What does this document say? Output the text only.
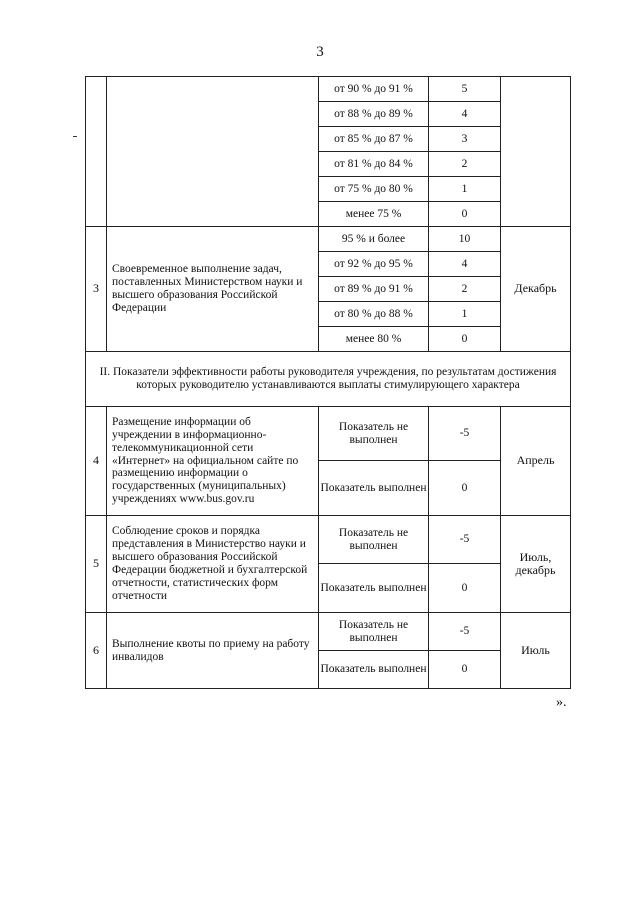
3
		от 90 % до 91 %	5	
		от 88 % до 89 %	4	
		от 85 % до 87 %	3	
		от 81 % до 84 %	2	
		от 75 % до 80 %	1	
		менее 75 %	0	
3	Своевременное выполнение задач, поставленных Министерством науки и высшего образования Российской Федерации	95 % и более	10	Декабрь
		от 92 % до 95 %	4	
		от 89 % до 91 %	2	
		от 80 % до 88 %	1	
		менее 80 %	0	
II. Показатели эффективности работы руководителя учреждения, по результатам достижения которых руководителю устанавливаются выплаты стимулирующего характера				
4	Размещение информации об учреждении в информационно-телекоммуникационной сети «Интернет» на официальном сайте по размещению информации о государственных (муниципальных) учреждениях www.bus.gov.ru	Показатель не выполнен	-5	Апрель
		Показатель выполнен	0	
5	Соблюдение сроков и порядка представления в Министерство науки и высшего образования Российской Федерации бюджетной и бухгалтерской отчетности, статистических форм отчетности	Показатель не выполнен	-5	Июль, декабрь
		Показатель выполнен	0	
6	Выполнение квоты по приему на работу инвалидов	Показатель не выполнен	-5	Июль
		Показатель выполнен	0	
».
